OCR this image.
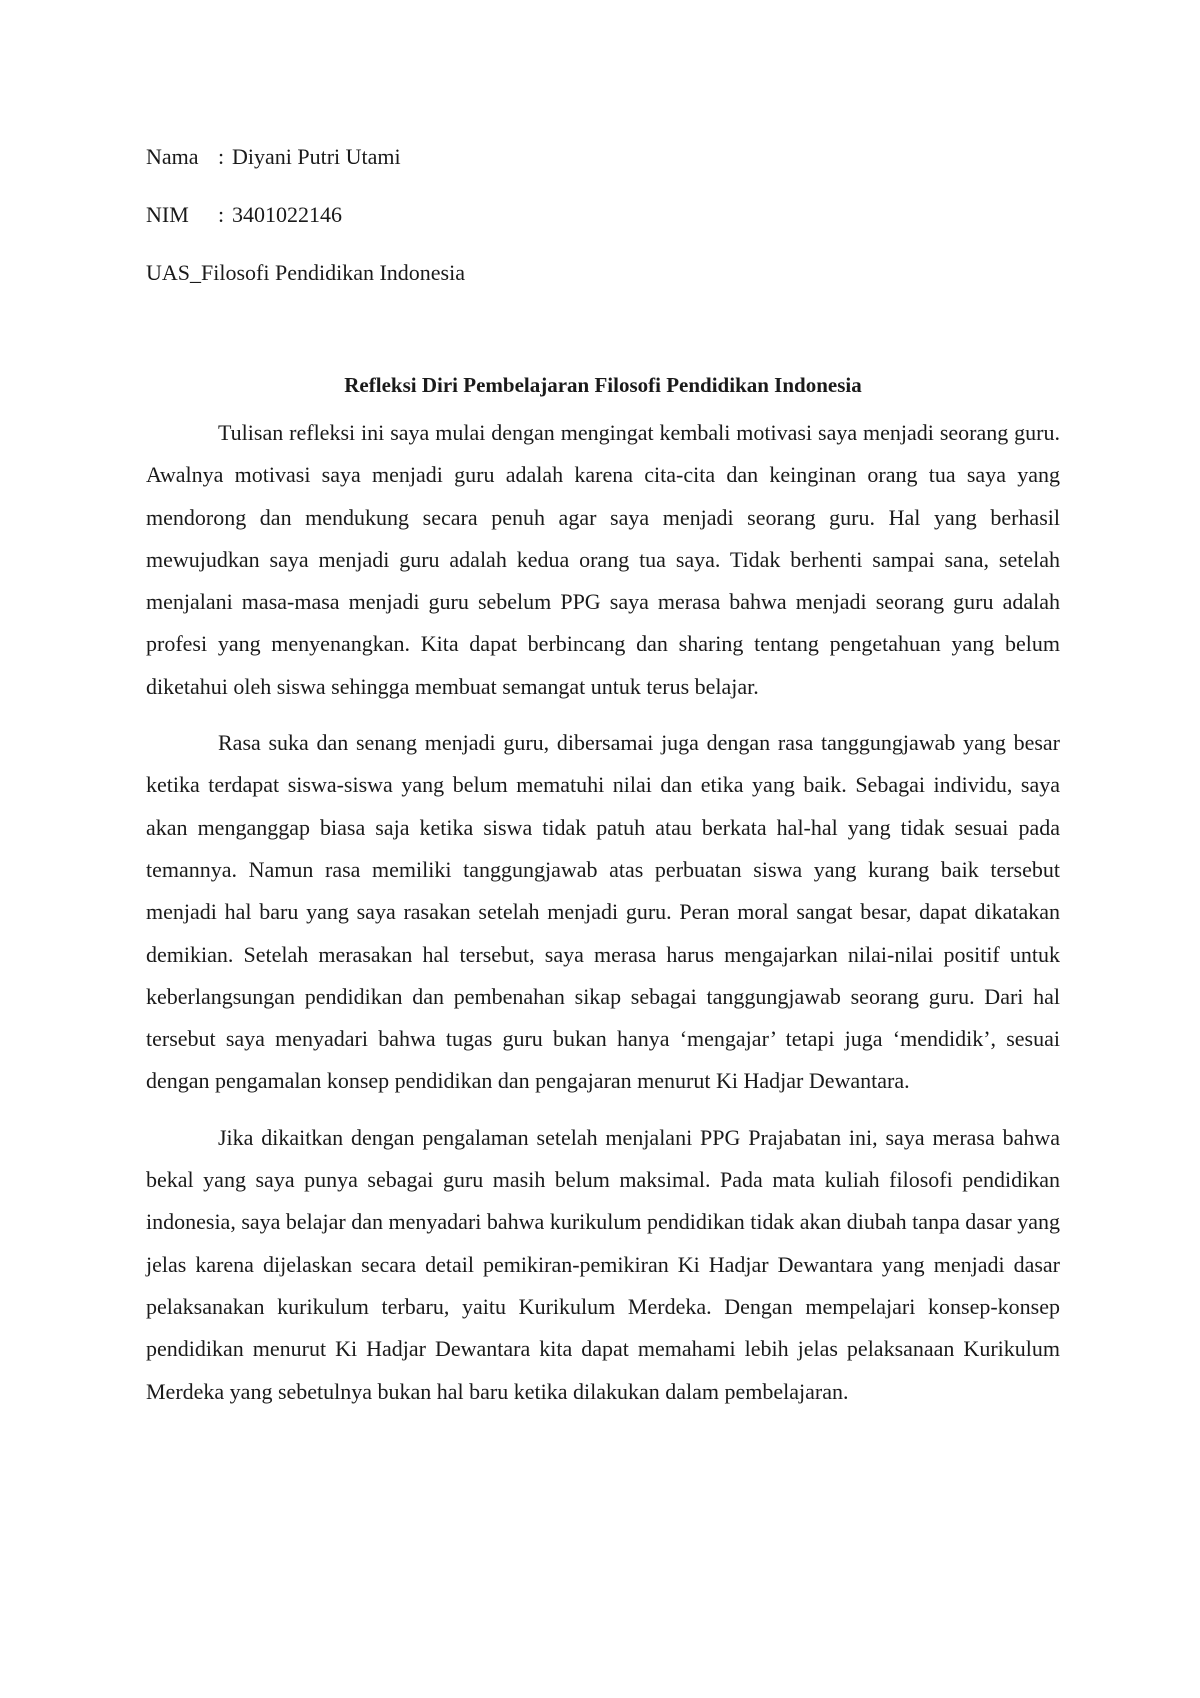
Nama : Diyani Putri Utami
NIM : 3401022146
UAS_Filosofi Pendidikan Indonesia
Refleksi Diri Pembelajaran Filosofi Pendidikan Indonesia

Tulisan refleksi ini saya mulai dengan mengingat kembali motivasi saya menjadi seorang guru. Awalnya motivasi saya menjadi guru adalah karena cita-cita dan keinginan orang tua saya yang mendorong dan mendukung secara penuh agar saya menjadi seorang guru. Hal yang berhasil mewujudkan saya menjadi guru adalah kedua orang tua saya. Tidak berhenti sampai sana, setelah menjalani masa-masa menjadi guru sebelum PPG saya merasa bahwa menjadi seorang guru adalah profesi yang menyenangkan. Kita dapat berbincang dan sharing tentang pengetahuan yang belum diketahui oleh siswa sehingga membuat semangat untuk terus belajar.

Rasa suka dan senang menjadi guru, dibersamai juga dengan rasa tanggungjawab yang besar ketika terdapat siswa-siswa yang belum mematuhi nilai dan etika yang baik. Sebagai individu, saya akan menganggap biasa saja ketika siswa tidak patuh atau berkata hal-hal yang tidak sesuai pada temannya. Namun rasa memiliki tanggungjawab atas perbuatan siswa yang kurang baik tersebut menjadi hal baru yang saya rasakan setelah menjadi guru. Peran moral sangat besar, dapat dikatakan demikian. Setelah merasakan hal tersebut, saya merasa harus mengajarkan nilai-nilai positif untuk keberlangsungan pendidikan dan pembenahan sikap sebagai tanggungjawab seorang guru. Dari hal tersebut saya menyadari bahwa tugas guru bukan hanya ‘mengajar’ tetapi juga ‘mendidik’, sesuai dengan pengamalan konsep pendidikan dan pengajaran menurut Ki Hadjar Dewantara.

Jika dikaitkan dengan pengalaman setelah menjalani PPG Prajabatan ini, saya merasa bahwa bekal yang saya punya sebagai guru masih belum maksimal. Pada mata kuliah filosofi pendidikan indonesia, saya belajar dan menyadari bahwa kurikulum pendidikan tidak akan diubah tanpa dasar yang jelas karena dijelaskan secara detail pemikiran-pemikiran Ki Hadjar Dewantara yang menjadi dasar pelaksanakan kurikulum terbaru, yaitu Kurikulum Merdeka. Dengan mempelajari konsep-konsep pendidikan menurut Ki Hadjar Dewantara kita dapat memahami lebih jelas pelaksanaan Kurikulum Merdeka yang sebetulnya bukan hal baru ketika dilakukan dalam pembelajaran.
